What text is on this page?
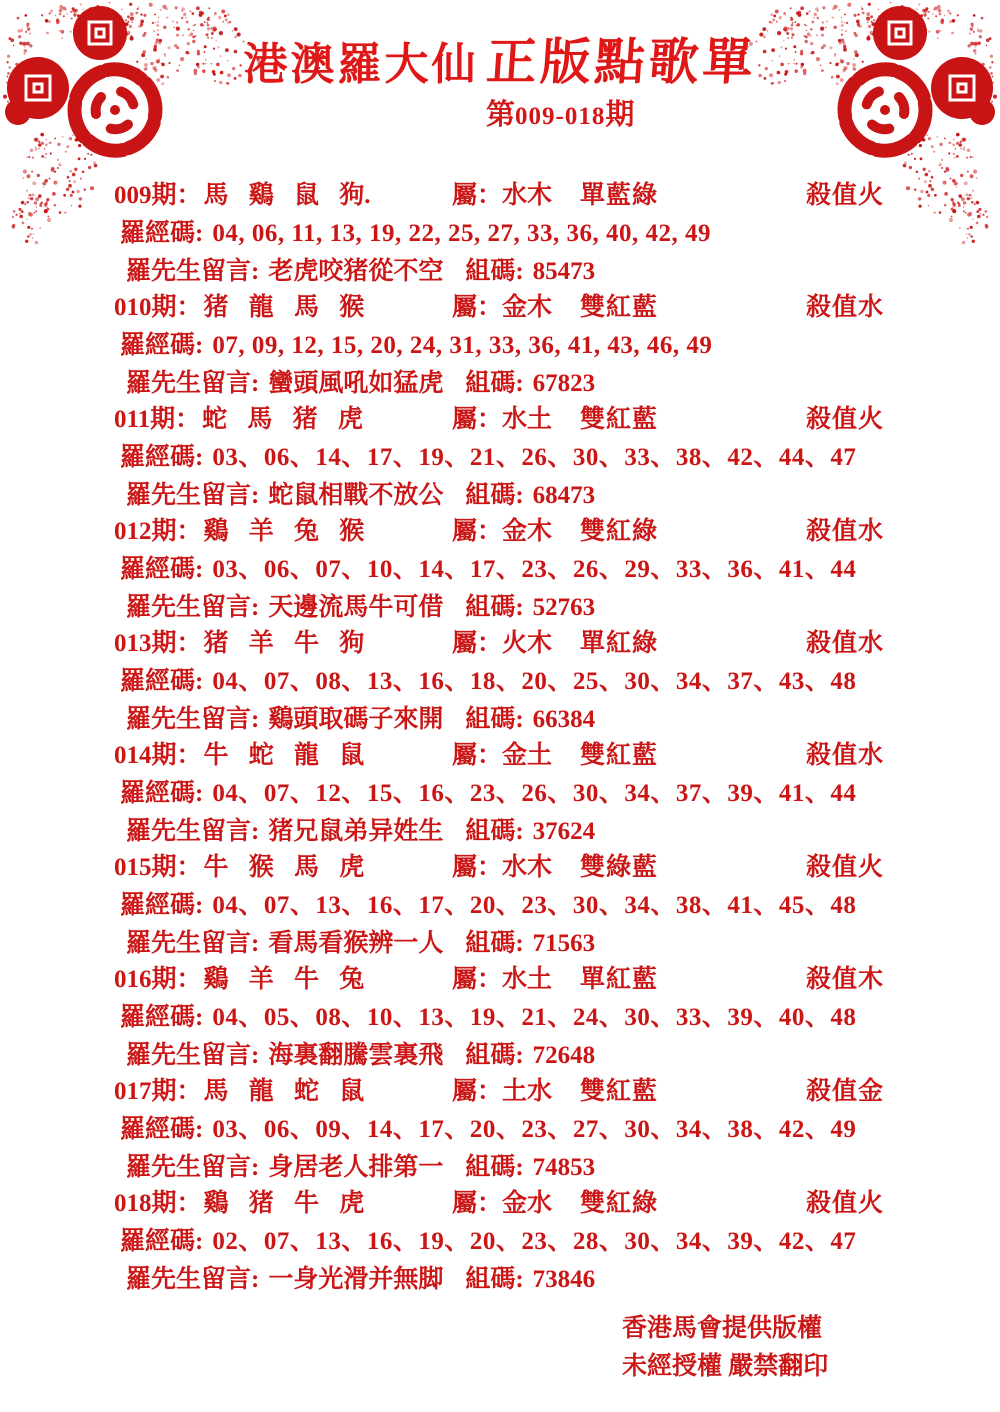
港澳羅大仙 正版點歌單
第009-018期
009期：馬 鷄 鼠 狗.	屬：水木 單藍綠	殺值火
羅經碼: 04, 06, 11, 13, 19, 22, 25, 27, 33, 36, 40, 42, 49
羅先生留言: 老虎咬猪從不空 組碼: 85473
010期：猪 龍 馬 猴	屬：金木 雙紅藍	殺值水
羅經碼: 07, 09, 12, 15, 20, 24, 31, 33, 36, 41, 43, 46, 49
羅先生留言: 蠻頭風吼如猛虎 組碼: 67823
011期：蛇 馬 猪 虎	屬：水土 雙紅藍	殺值火
羅經碼: 03、06、14、17、19、21、26、30、33、38、42、44、47
羅先生留言: 蛇鼠相戰不放公 組碼: 68473
012期：鷄 羊 兔 猴	屬：金木 雙紅綠	殺值水
羅經碼: 03、06、07、10、14、17、23、26、29、33、36、41、44
羅先生留言: 天邊流馬牛可借 組碼: 52763
013期：猪 羊 牛 狗	屬：火木 單紅綠	殺值水
羅經碼: 04、07、08、13、16、18、20、25、30、34、37、43、48
羅先生留言: 鷄頭取碼子來開 組碼: 66384
014期：牛 蛇 龍 鼠	屬：金土 雙紅藍	殺值水
羅經碼: 04、07、12、15、16、23、26、30、34、37、39、41、44
羅先生留言: 猪兄鼠弟异姓生 組碼: 37624
015期：牛 猴 馬 虎	屬：水木 雙綠藍	殺值火
羅經碼: 04、07、13、16、17、20、23、30、34、38、41、45、48
羅先生留言: 看馬看猴辨一人 組碼: 71563
016期：鷄 羊 牛 兔	屬：水土 單紅藍	殺值木
羅經碼: 04、05、08、10、13、19、21、24、30、33、39、40、48
羅先生留言: 海裏翻騰雲裏飛 組碼: 72648
017期：馬 龍 蛇 鼠	屬：土水 雙紅藍	殺值金
羅經碼: 03、06、09、14、17、20、23、27、30、34、38、42、49
羅先生留言: 身居老人排第一 組碼: 74853
018期：鷄 猪 牛 虎	屬：金水 雙紅綠	殺值火
羅經碼: 02、07、13、16、19、20、23、28、30、34、39、42、47
羅先生留言: 一身光滑并無脚 組碼: 73846
香港馬會提供版權
未經授權 嚴禁翻印
